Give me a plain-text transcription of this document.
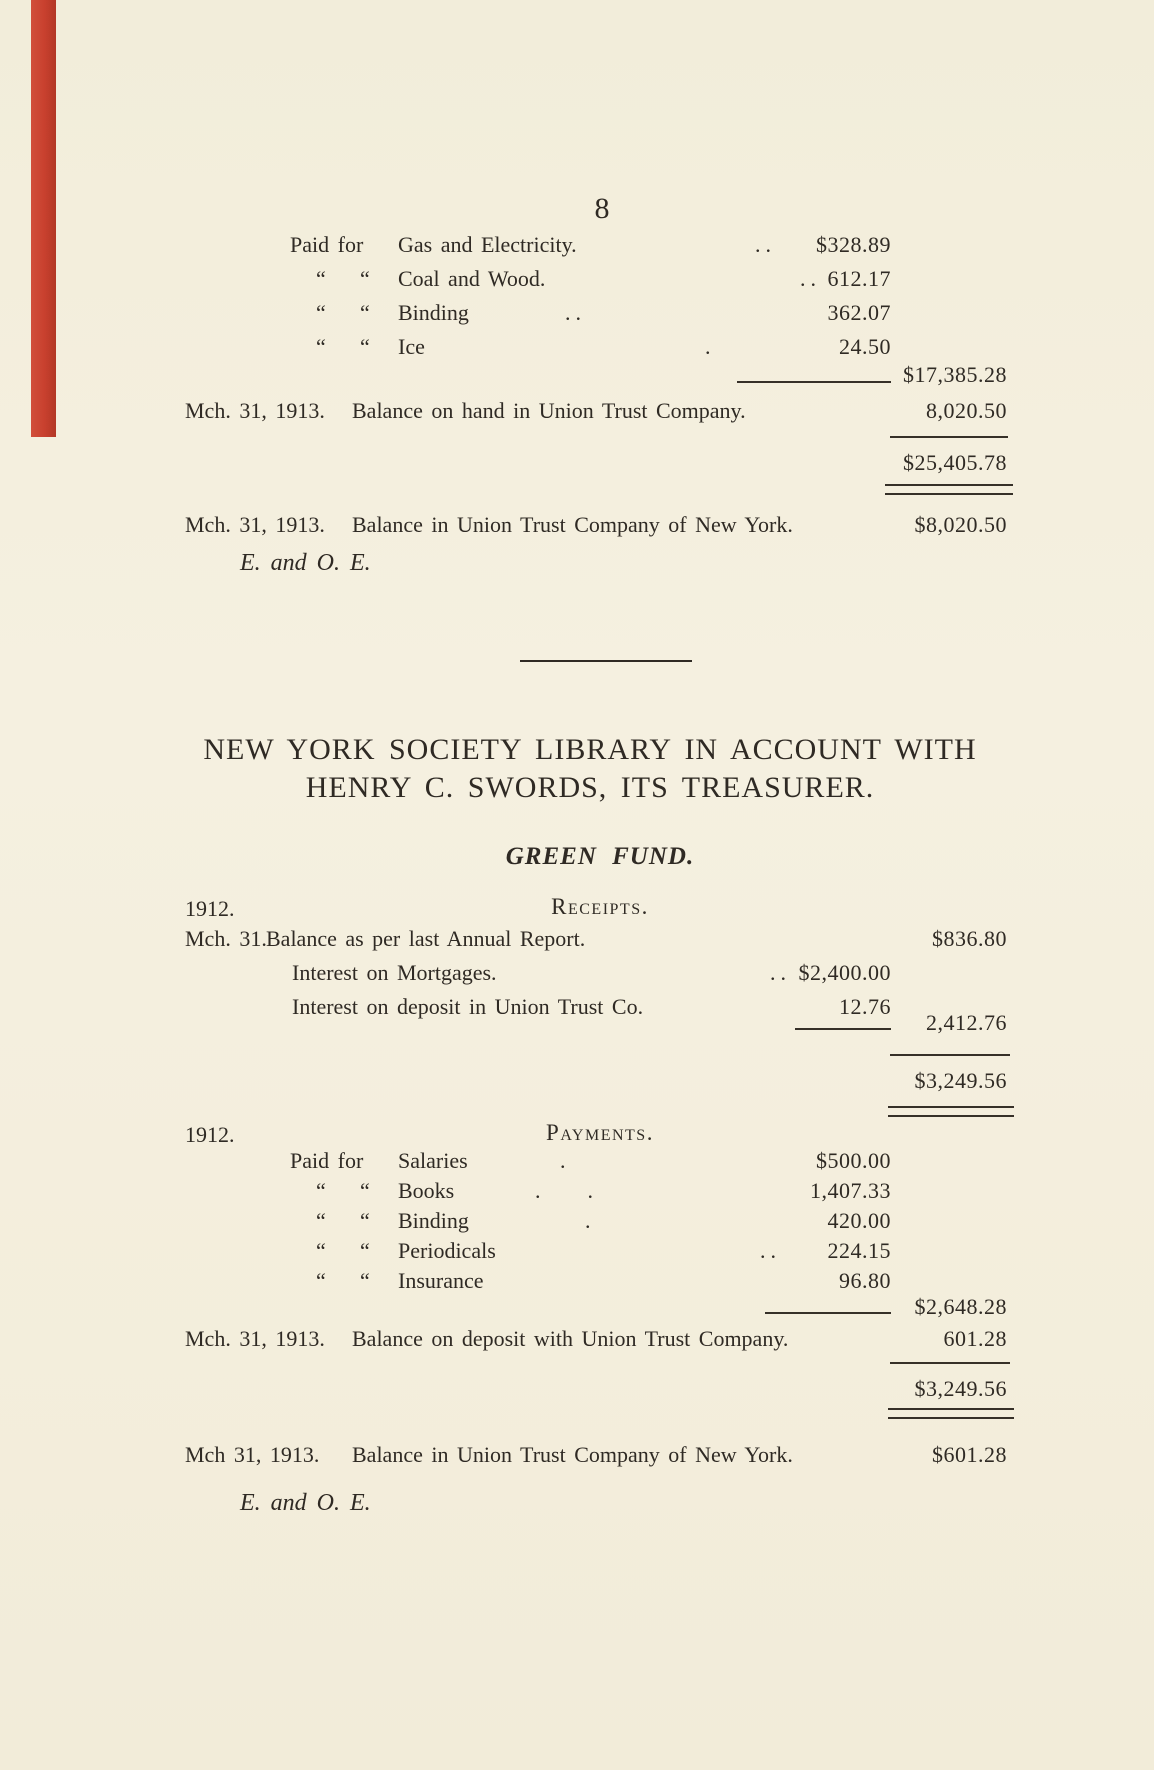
8
Paid for Gas and Electricity.	.. $328.89
“ “ Coal and Wood.	.. 612.17
“ “ Binding	..	362.07
“ “ Ice	.	24.50
$17,385.28
Mch. 31, 1913. Balance on hand in Union Trust Company.	8,020.50
$25,405.78
Mch. 31, 1913. Balance in Union Trust Company of New York.	$8,020.50
E. and O. E.
NEW YORK SOCIETY LIBRARY IN ACCOUNT WITH
HENRY C. SWORDS, ITS TREASURER.
GREEN FUND.
1912.	Receipts.
Mch. 31. Balance as per last Annual Report.	$836.80
Interest on Mortgages.	.. $2,400.00
Interest on deposit in Union Trust Co.	12.76
2,412.76
$3,249.56
1912.	Payments.
Paid for Salaries	.	$500.00
“ “ Books	.    .	1,407.33
“ “ Binding	.	420.00
“ “ Periodicals	.. 224.15
“ “ Insurance	96.80
$2,648.28
Mch. 31, 1913. Balance on deposit with Union Trust Company.	601.28
$3,249.56
Mch 31, 1913. Balance in Union Trust Company of New York.	$601.28
E. and O. E.
